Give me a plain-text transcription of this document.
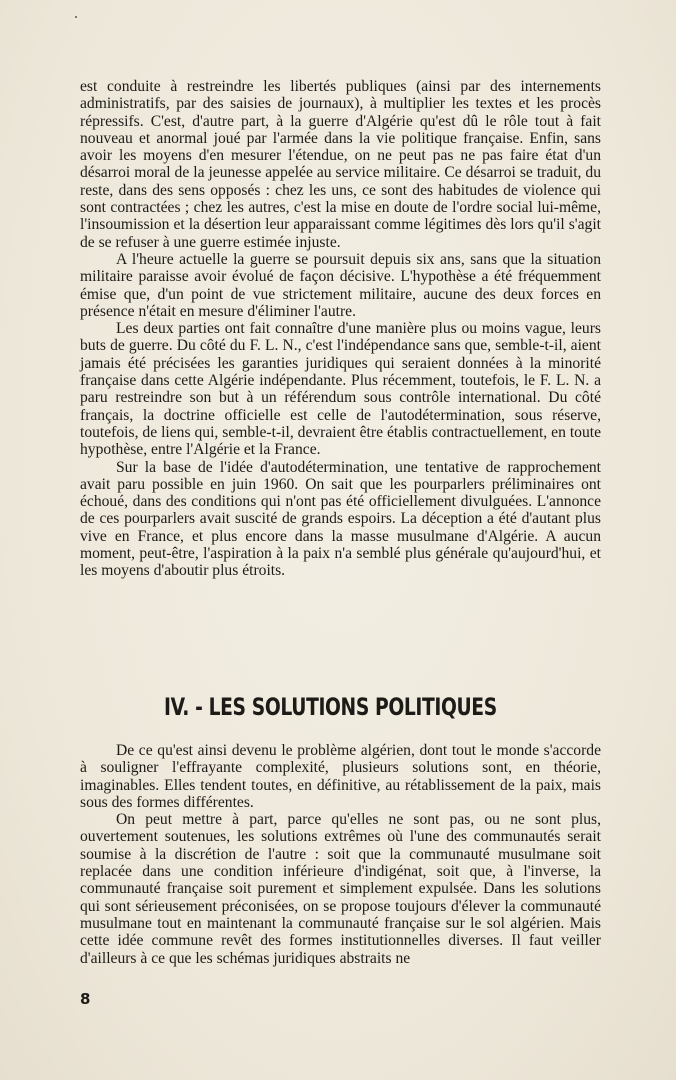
est conduite à restreindre les libertés publiques (ainsi par des internements administratifs, par des saisies de journaux), à multiplier les textes et les procès répressifs. C'est, d'autre part, à la guerre d'Algérie qu'est dû le rôle tout à fait nouveau et anormal joué par l'armée dans la vie politique française. Enfin, sans avoir les moyens d'en mesurer l'étendue, on ne peut pas ne pas faire état d'un désarroi moral de la jeunesse appelée au service militaire. Ce désarroi se traduit, du reste, dans des sens opposés : chez les uns, ce sont des habitudes de violence qui sont contractées ; chez les autres, c'est la mise en doute de l'ordre social lui-même, l'insoumission et la désertion leur apparaissant comme légitimes dès lors qu'il s'agit de se refuser à une guerre estimée injuste.

A l'heure actuelle la guerre se poursuit depuis six ans, sans que la situation militaire paraisse avoir évolué de façon décisive. L'hypothèse a été fréquemment émise que, d'un point de vue strictement militaire, aucune des deux forces en présence n'était en mesure d'éliminer l'autre.

Les deux parties ont fait connaître d'une manière plus ou moins vague, leurs buts de guerre. Du côté du F. L. N., c'est l'indépendance sans que, semble-t-il, aient jamais été précisées les garanties juridiques qui seraient données à la minorité française dans cette Algérie indépendante. Plus récemment, toutefois, le F. L. N. a paru restreindre son but à un référendum sous contrôle international. Du côté français, la doctrine officielle est celle de l'autodétermination, sous réserve, toutefois, de liens qui, semble-t-il, devraient être établis contractuellement, en toute hypothèse, entre l'Algérie et la France.

Sur la base de l'idée d'autodétermination, une tentative de rapprochement avait paru possible en juin 1960. On sait que les pourparlers préliminaires ont échoué, dans des conditions qui n'ont pas été officiellement divulguées. L'annonce de ces pourparlers avait suscité de grands espoirs. La déception a été d'autant plus vive en France, et plus encore dans la masse musulmane d'Algérie. A aucun moment, peut-être, l'aspiration à la paix n'a semblé plus générale qu'aujourd'hui, et les moyens d'aboutir plus étroits.

IV. - LES SOLUTIONS POLITIQUES

De ce qu'est ainsi devenu le problème algérien, dont tout le monde s'accorde à souligner l'effrayante complexité, plusieurs solutions sont, en théorie, imaginables. Elles tendent toutes, en définitive, au rétablissement de la paix, mais sous des formes différentes.

On peut mettre à part, parce qu'elles ne sont pas, ou ne sont plus, ouvertement soutenues, les solutions extrêmes où l'une des communautés serait soumise à la discrétion de l'autre : soit que la communauté musulmane soit replacée dans une condition inférieure d'indigénat, soit que, à l'inverse, la communauté française soit purement et simplement expulsée. Dans les solutions qui sont sérieusement préconisées, on se propose toujours d'élever la communauté musulmane tout en maintenant la communauté française sur le sol algérien. Mais cette idée commune revêt des formes institutionnelles diverses. Il faut veiller d'ailleurs à ce que les schémas juridiques abstraits ne

8
